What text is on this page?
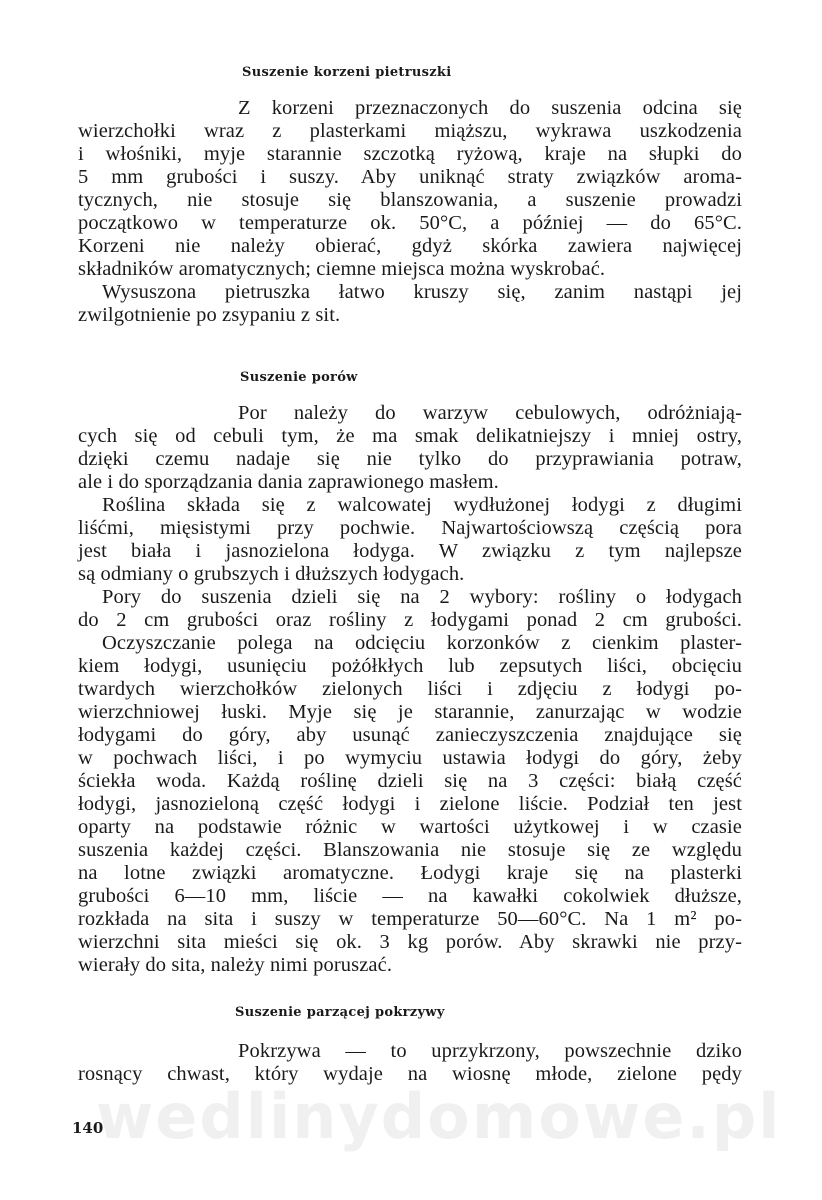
Suszenie korzeni pietruszki
Z korzeni przeznaczonych do suszenia odcina się
wierzchołki wraz z plasterkami miąższu, wykrawa uszkodzenia
i włośniki, myje starannie szczotką ryżową, kraje na słupki do
5 mm grubości i suszy. Aby uniknąć straty związków aroma-
tycznych, nie stosuje się blanszowania, a suszenie prowadzi
początkowo w temperaturze ok. 50°C, a później — do 65°C.
Korzeni nie należy obierać, gdyż skórka zawiera najwięcej
składników aromatycznych; ciemne miejsca można wyskrobać.
Wysuszona pietruszka łatwo kruszy się, zanim nastąpi jej
zwilgotnienie po zsypaniu z sit.
Suszenie porów
Por należy do warzyw cebulowych, odróżniają-
cych się od cebuli tym, że ma smak delikatniejszy i mniej ostry,
dzięki czemu nadaje się nie tylko do przyprawiania potraw,
ale i do sporządzania dania zaprawionego masłem.
Roślina składa się z walcowatej wydłużonej łodygi z długimi
liśćmi, mięsistymi przy pochwie. Najwartościowszą częścią pora
jest biała i jasnozielona łodyga. W związku z tym najlepsze
są odmiany o grubszych i dłuższych łodygach.
Pory do suszenia dzieli się na 2 wybory: rośliny o łodygach
do 2 cm grubości oraz rośliny z łodygami ponad 2 cm grubości.
Oczyszczanie polega na odcięciu korzonków z cienkim plaster-
kiem łodygi, usunięciu pożółkłych lub zepsutych liści, obcięciu
twardych wierzchołków zielonych liści i zdjęciu z łodygi po-
wierzchniowej łuski. Myje się je starannie, zanurzając w wodzie
łodygami do góry, aby usunąć zanieczyszczenia znajdujące się
w pochwach liści, i po wymyciu ustawia łodygi do góry, żeby
ściekła woda. Każdą roślinę dzieli się na 3 części: białą część
łodygi, jasnozieloną część łodygi i zielone liście. Podział ten jest
oparty na podstawie różnic w wartości użytkowej i w czasie
suszenia każdej części. Blanszowania nie stosuje się ze względu
na lotne związki aromatyczne. Łodygi kraje się na plasterki
grubości 6—10 mm, liście — na kawałki cokolwiek dłuższe,
rozkłada na sita i suszy w temperaturze 50—60°C. Na 1 m² po-
wierzchni sita mieści się ok. 3 kg porów. Aby skrawki nie przy-
wierały do sita, należy nimi poruszać.
Suszenie parzącej pokrzywy
Pokrzywa — to uprzykrzony, powszechnie dziko
rosnący chwast, który wydaje na wiosnę młode, zielone pędy
wedlinydomowe.pl
140
